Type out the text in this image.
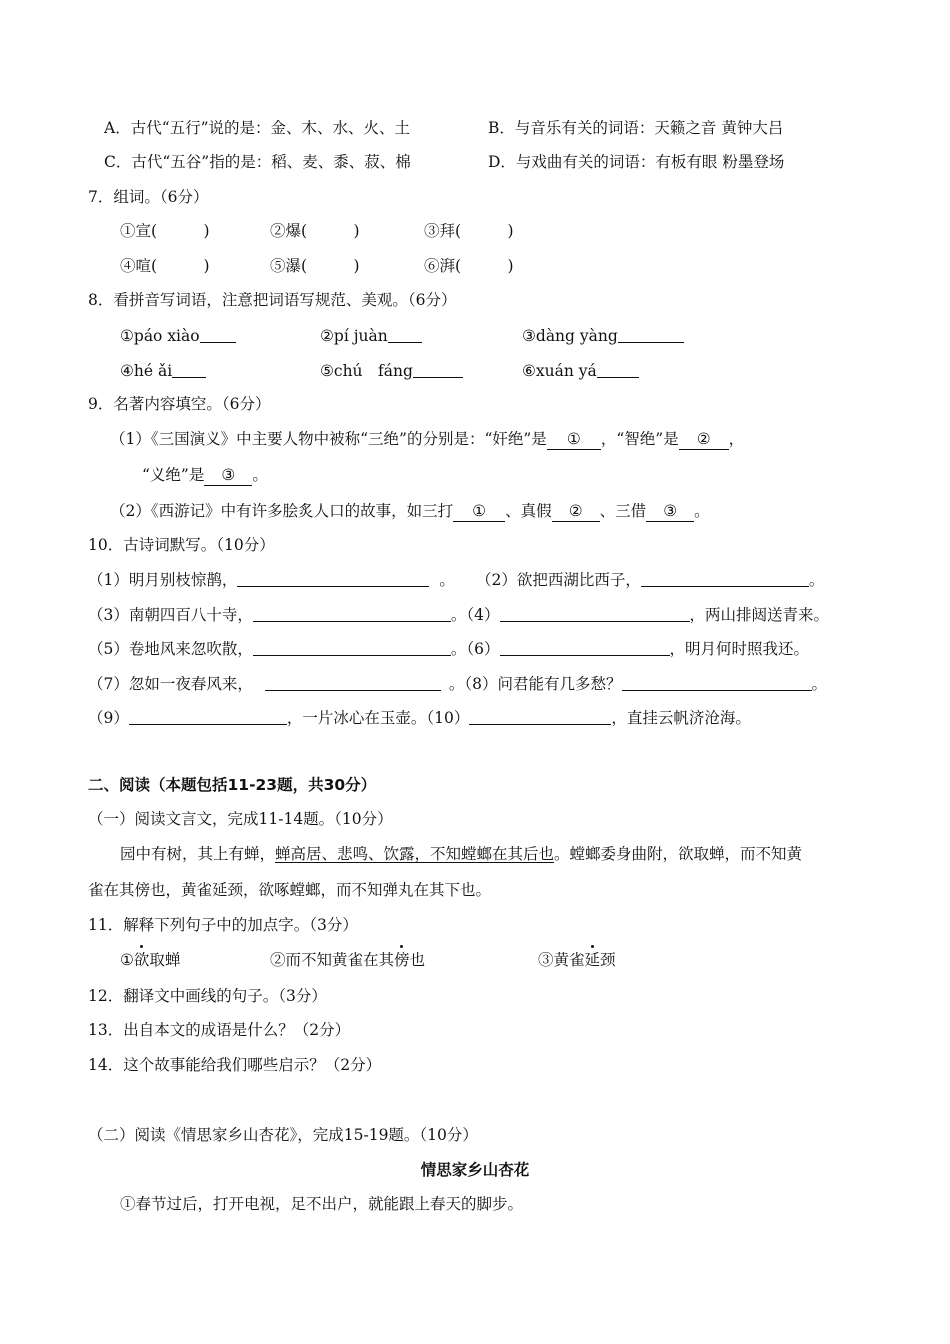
A．古代“五行”说的是：金、木、水、火、土	B．与音乐有关的词语：天籁之音 黄钟大吕
C．古代“五谷”指的是：稻、麦、黍、菽、棉	D．与戏曲有关的词语：有板有眼 粉墨登场
7．组词。（6分）
①宣(　　　)	②爆(　　　)	③拜(　　　)
④喧(　　　)	⑤瀑(　　　)	⑥湃(　　　)
8．看拼音写词语，注意把词语写规范、美观。（6分）
①páo xiào	②pí juàn	③dàng yàng
④hé ǎi	⑤chú　fáng	⑥xuán yá
9．名著内容填空。（6分）
（1）《三国演义》中主要人物中被称“三绝”的分别是：“奸绝”是 ① ，“智绝”是 ② ，
“义绝”是 ③ 。
（2）《西游记》中有许多脍炙人口的故事，如三打 ① 、真假 ② 、三借 ③ 。
10．古诗词默写。（10分）
（1）明月别枝惊鹊，	。 （2）欲把西湖比西子，	。
（3）南朝四百八十寺，	。（4）	，两山排闼送青来。
（5）卷地风来忽吹散，	。（6）	，明月何时照我还。
（7）忽如一夜春风来，	。（8）问君能有几多愁？	。
（9）	，一片冰心在玉壶。（10）	，直挂云帆济沧海。
二、阅读（本题包括11-23题，共30分）
（一）阅读文言文，完成11-14题。（10分）
园中有树，其上有蝉，蝉高居、悲鸣、饮露，不知螳螂在其后也。螳螂委身曲附，欲取蝉，而不知黄
雀在其傍也，黄雀延颈，欲啄螳螂，而不知弹丸在其下也。
11．解释下列句子中的加点字。（3分）
①欲取蝉	②而不知黄雀在其傍也	③黄雀延颈
12．翻译文中画线的句子。（3分）
13．出自本文的成语是什么？（2分）
14．这个故事能给我们哪些启示？（2分）
（二）阅读《情思家乡山杏花》，完成15-19题。（10分）
情思家乡山杏花
①春节过后，打开电视，足不出户，就能跟上春天的脚步。
